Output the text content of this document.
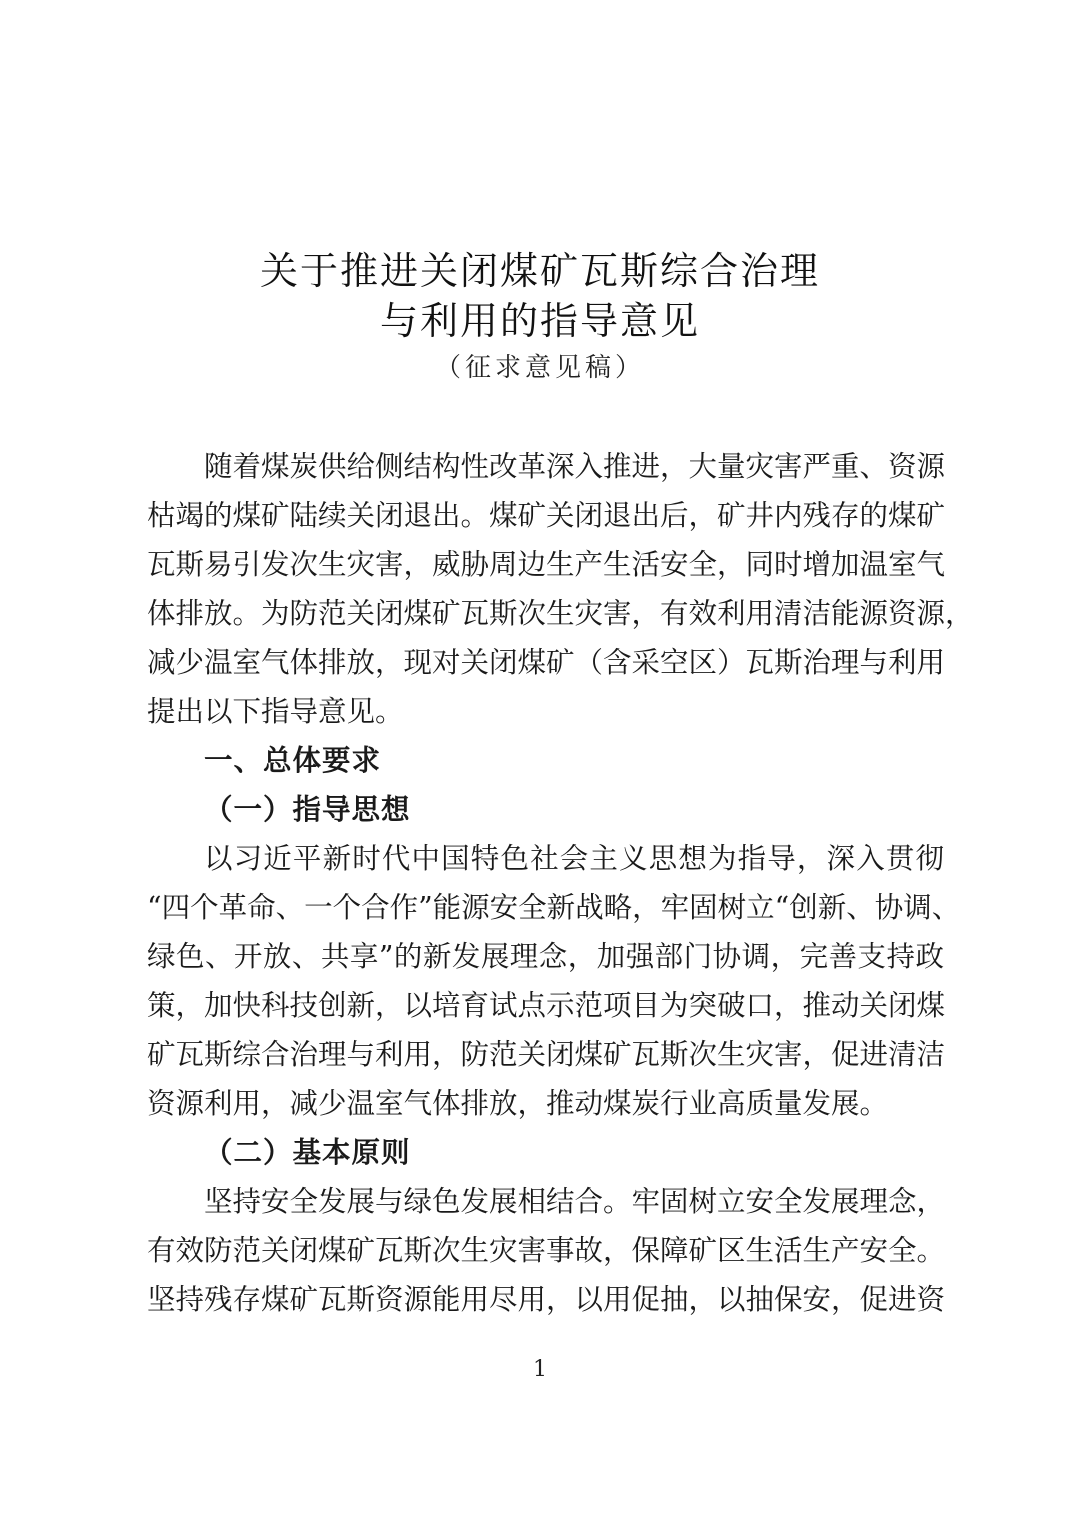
关于推进关闭煤矿瓦斯综合治理
与利用的指导意见
（征求意见稿）
随着煤炭供给侧结构性改革深入推进，大量灾害严重、资源
枯竭的煤矿陆续关闭退出。煤矿关闭退出后，矿井内残存的煤矿
瓦斯易引发次生灾害，威胁周边生产生活安全，同时增加温室气
体排放。为防范关闭煤矿瓦斯次生灾害，有效利用清洁能源资源，
减少温室气体排放，现对关闭煤矿（含采空区）瓦斯治理与利用
提出以下指导意见。
一、总体要求
（一）指导思想
以习近平新时代中国特色社会主义思想为指导，深入贯彻
“四个革命、一个合作”能源安全新战略，牢固树立“创新、协调、
绿色、开放、共享”的新发展理念，加强部门协调，完善支持政
策，加快科技创新，以培育试点示范项目为突破口，推动关闭煤
矿瓦斯综合治理与利用，防范关闭煤矿瓦斯次生灾害，促进清洁
资源利用，减少温室气体排放，推动煤炭行业高质量发展。
（二）基本原则
坚持安全发展与绿色发展相结合。牢固树立安全发展理念，
有效防范关闭煤矿瓦斯次生灾害事故，保障矿区生活生产安全。
坚持残存煤矿瓦斯资源能用尽用，以用促抽，以抽保安，促进资
1
